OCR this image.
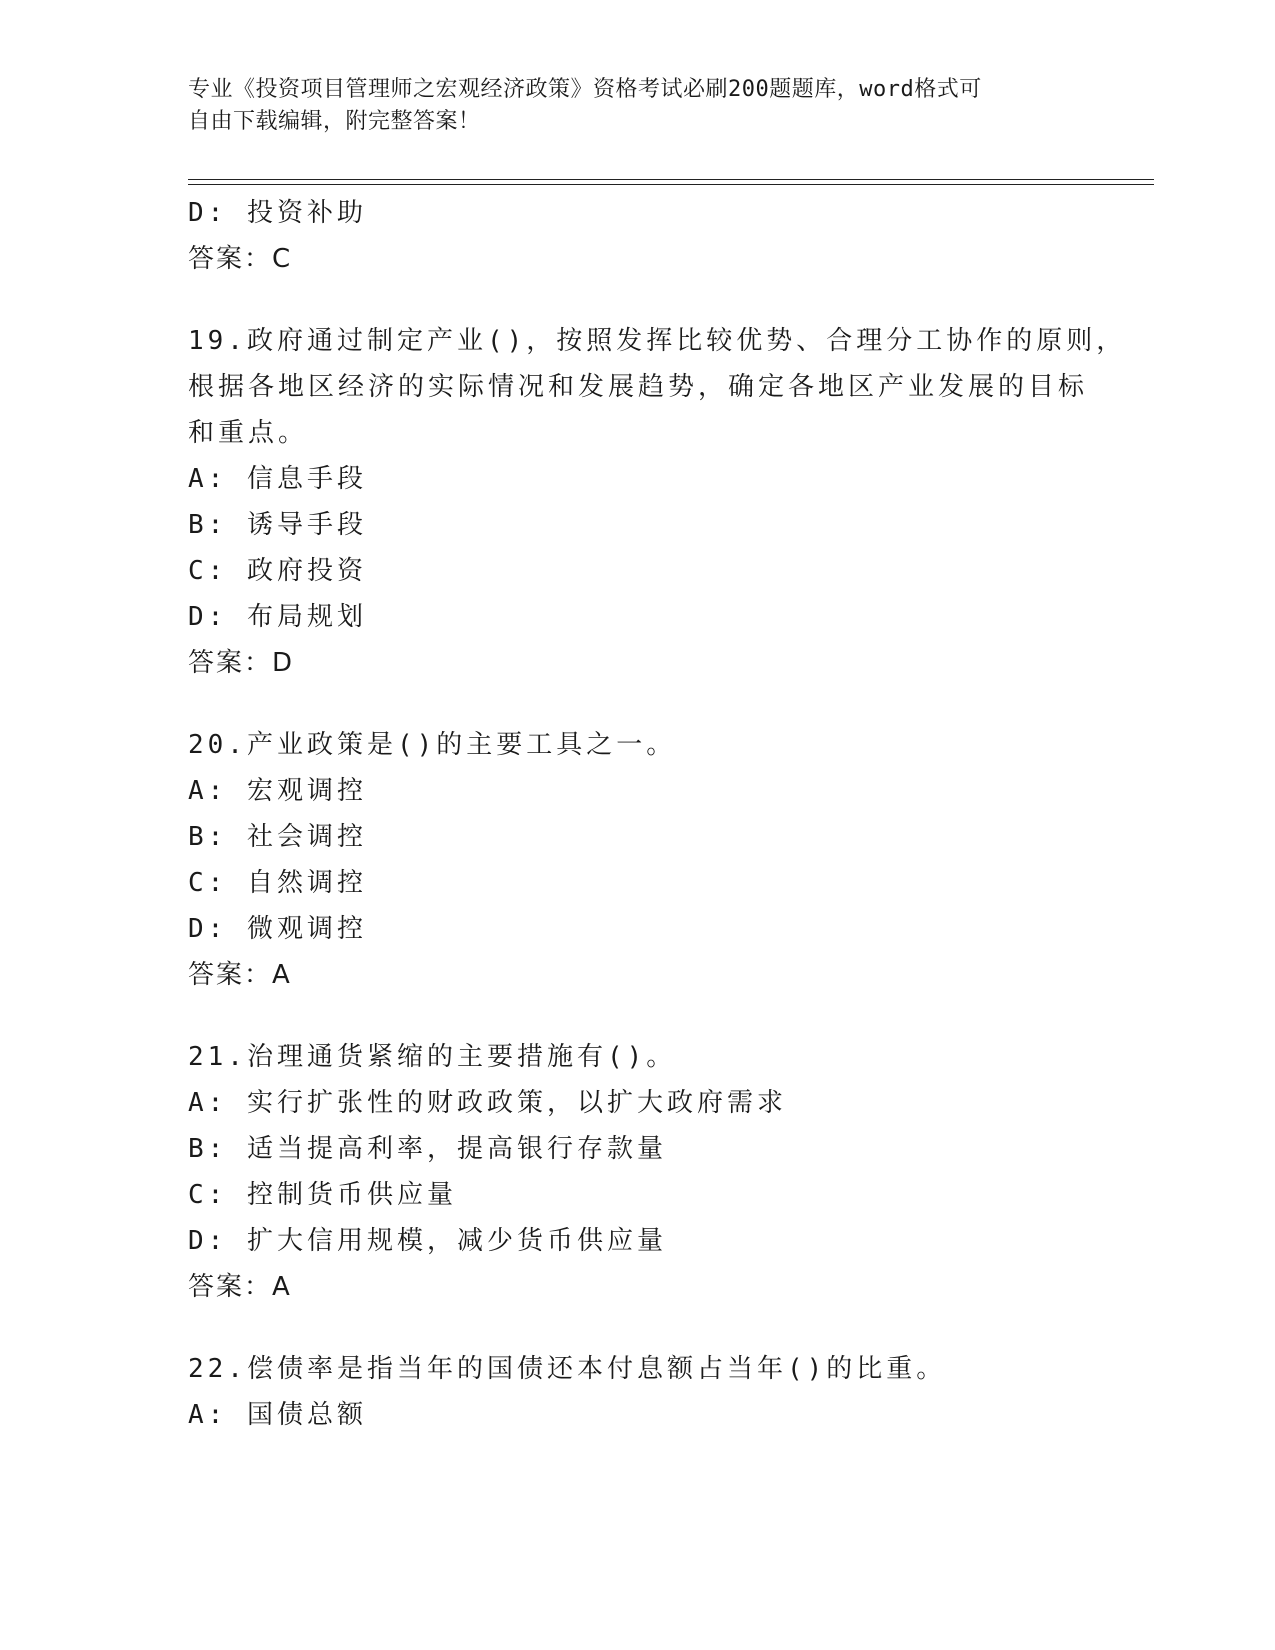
专业《投资项目管理师之宏观经济政策》资格考试必刷200题题库，word格式可
自由下载编辑，附完整答案！
D: 投资补助
答案：C
19.政府通过制定产业()，按照发挥比较优势、合理分工协作的原则，
根据各地区经济的实际情况和发展趋势，确定各地区产业发展的目标
和重点。
A: 信息手段
B: 诱导手段
C: 政府投资
D: 布局规划
答案：D
20.产业政策是()的主要工具之一。
A: 宏观调控
B: 社会调控
C: 自然调控
D: 微观调控
答案：A
21.治理通货紧缩的主要措施有()。
A: 实行扩张性的财政政策，以扩大政府需求
B: 适当提高利率，提高银行存款量
C: 控制货币供应量
D: 扩大信用规模，减少货币供应量
答案：A
22.偿债率是指当年的国债还本付息额占当年()的比重。
A: 国债总额
